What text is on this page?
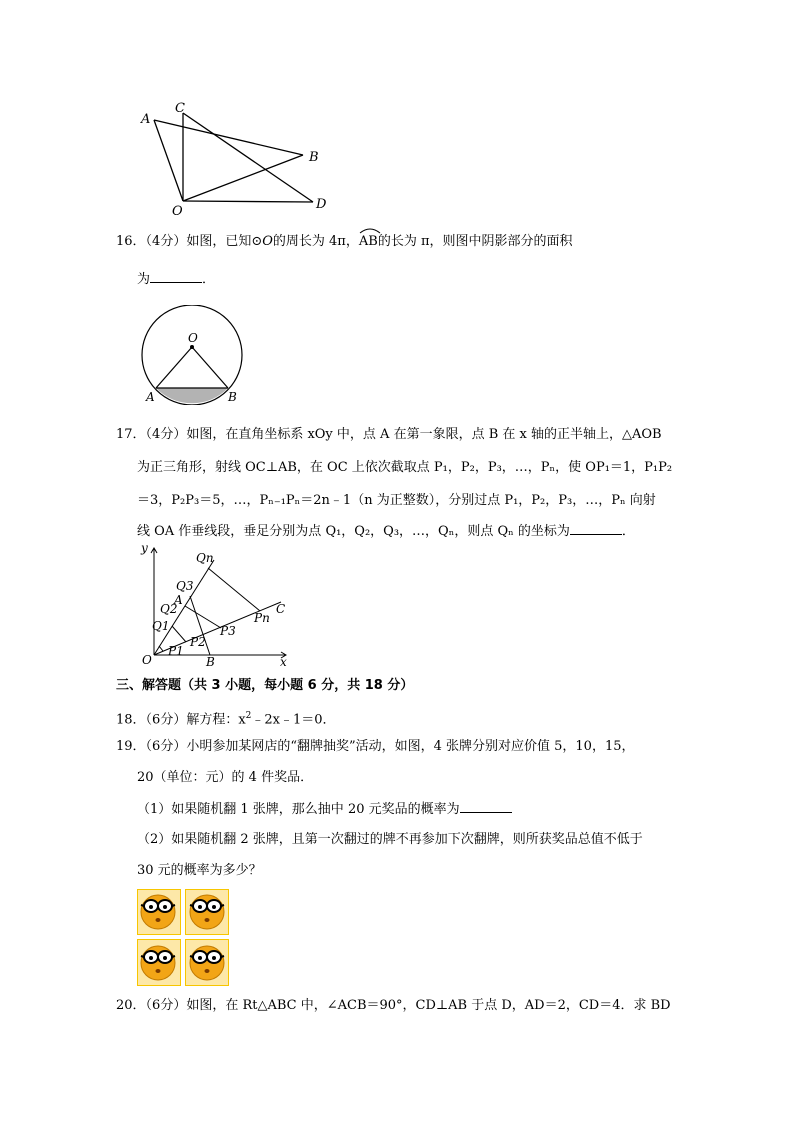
A
C
B
O	D
16．（4分）如图，已知⊙O的周长为 4π，
AB的长为 π，则图中阴影部分的面积
为	．
O
A	B
17．（4分）如图，在直角坐标系 xOy 中，点 A 在第一象限，点 B 在 x 轴的正半轴上，△AOB
为正三角形，射线 OC⊥AB，在 OC 上依次截取点 P₁，P₂，P₃，…，Pₙ，使 OP₁＝1，P₁P₂
＝3，P₂P₃＝5，…，Pₙ₋₁Pₙ＝2n﹣1（n 为正整数），分别过点 P₁，P₂，P₃，…，Pₙ 向射
线 OA 作垂线段，垂足分别为点 Q₁，Q₂，Q₃，…，Qₙ，则点 Qₙ 的坐标为	．
y
x
O
A
B
C
Qn
Q3
Q2
Q1
P1
P2
P3
Pn
三、解答题（共 3 小题，每小题 6 分，共 18 分）
18．（6分）解方程：$x^2﹣2x﹣1=0$．
19．（6分）小明参加某网店的“翻牌抽奖”活动，如图，4 张牌分别对应价值 5，10，15，
20（单位：元）的 4 件奖品．
（1）如果随机翻 1 张牌，那么抽中 20 元奖品的概率为
（2）如果随机翻 2 张牌，且第一次翻过的牌不再参加下次翻牌，则所获奖品总值不低于
30 元的概率为多少？
20．（6分）如图，在 Rt△ABC 中，∠ACB＝90°，CD⊥AB 于点 D，AD＝2，CD＝4．求 BD
